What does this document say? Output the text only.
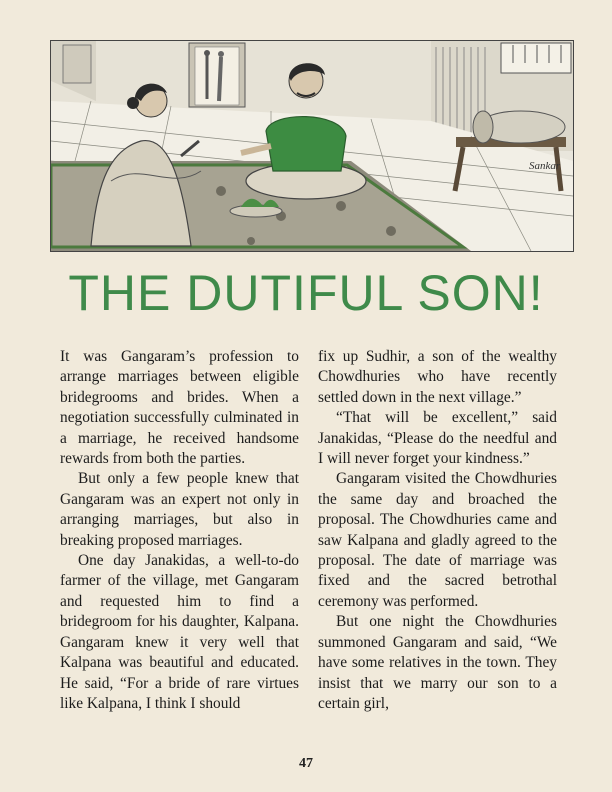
Sankar
THE DUTIFUL SON!

It was Gangaram’s profession to arrange marriages between eligible bridegrooms and brides. When a negotiation successfully culminated in a marriage, he received handsome rewards from both the parties.

But only a few people knew that Gangaram was an expert not only in arranging marriages, but also in breaking proposed marriages.

One day Janakidas, a well-to-do farmer of the village, met Gangaram and requested him to find a bridegroom for his daughter, Kalpana. Gangaram knew it very well that Kalpana was beautiful and educated. He said, “For a bride of rare virtues like Kalpana, I think I should

fix up Sudhir, a son of the wealthy Chowdhuries who have recently settled down in the next village.”

“That will be excellent,” said Janakidas, “Please do the needful and I will never forget your kindness.”

Gangaram visited the Chowdhuries the same day and broached the proposal. The Chowdhuries came and saw Kalpana and gladly agreed to the proposal. The date of marriage was fixed and the sacred betrothal ceremony was performed.

But one night the Chowdhuries summoned Gangaram and said, “We have some relatives in the town. They insist that we marry our son to a certain girl,

47
